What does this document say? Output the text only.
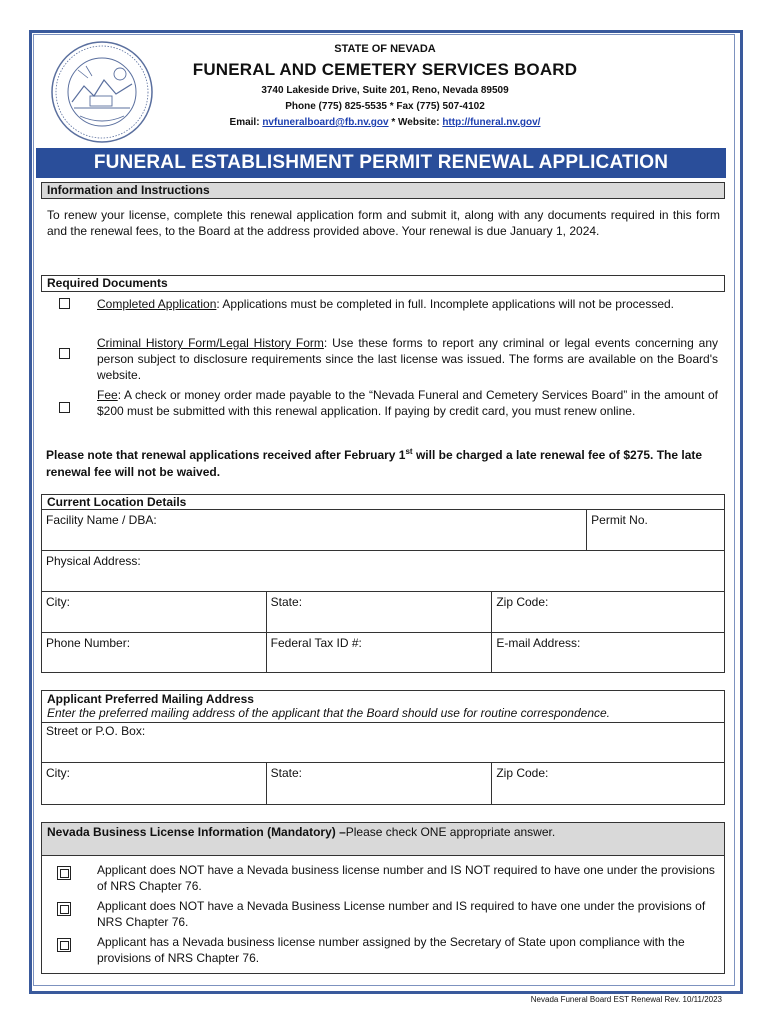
STATE OF NEVADA
FUNERAL AND CEMETERY SERVICES BOARD
3740 Lakeside Drive, Suite 201, Reno, Nevada 89509
Phone (775) 825-5535 * Fax (775) 507-4102
Email: nvfuneralboard@fb.nv.gov * Website: http://funeral.nv.gov/
FUNERAL ESTABLISHMENT PERMIT RENEWAL APPLICATION
Information and Instructions
To renew your license, complete this renewal application form and submit it, along with any documents required in this form and the renewal fees, to the Board at the address provided above. Your renewal is due January 1, 2024.
Required Documents
Completed Application: Applications must be completed in full. Incomplete applications will not be processed.
Criminal History Form/Legal History Form: Use these forms to report any criminal or legal events concerning any person subject to disclosure requirements since the last license was issued. The forms are available on the Board's website.
Fee: A check or money order made payable to the “Nevada Funeral and Cemetery Services Board” in the amount of $200 must be submitted with this renewal application. If paying by credit card, you must renew online.
Please note that renewal applications received after February 1st will be charged a late renewal fee of $275. The late renewal fee will not be waived.
Current Location Details
Facility Name / DBA:			Permit No.
Physical Address:			
City:	State:	Zip Code:	
Phone Number:	Federal Tax ID #:	E-mail Address:	
Applicant Preferred Mailing Address
Enter the preferred mailing address of the applicant that the Board should use for routine correspondence.
Street or P.O. Box:
City:	State:	Zip Code:
Nevada Business License Information (Mandatory) –Please check ONE appropriate answer.
Applicant does NOT have a Nevada business license number and IS NOT required to have one under the provisions of NRS Chapter 76.
Applicant does NOT have a Nevada Business License number and IS required to have one under the provisions of NRS Chapter 76.
Applicant has a Nevada business license number assigned by the Secretary of State upon compliance with the provisions of NRS Chapter 76.
Nevada Funeral Board EST Renewal Rev. 10/11/2023
